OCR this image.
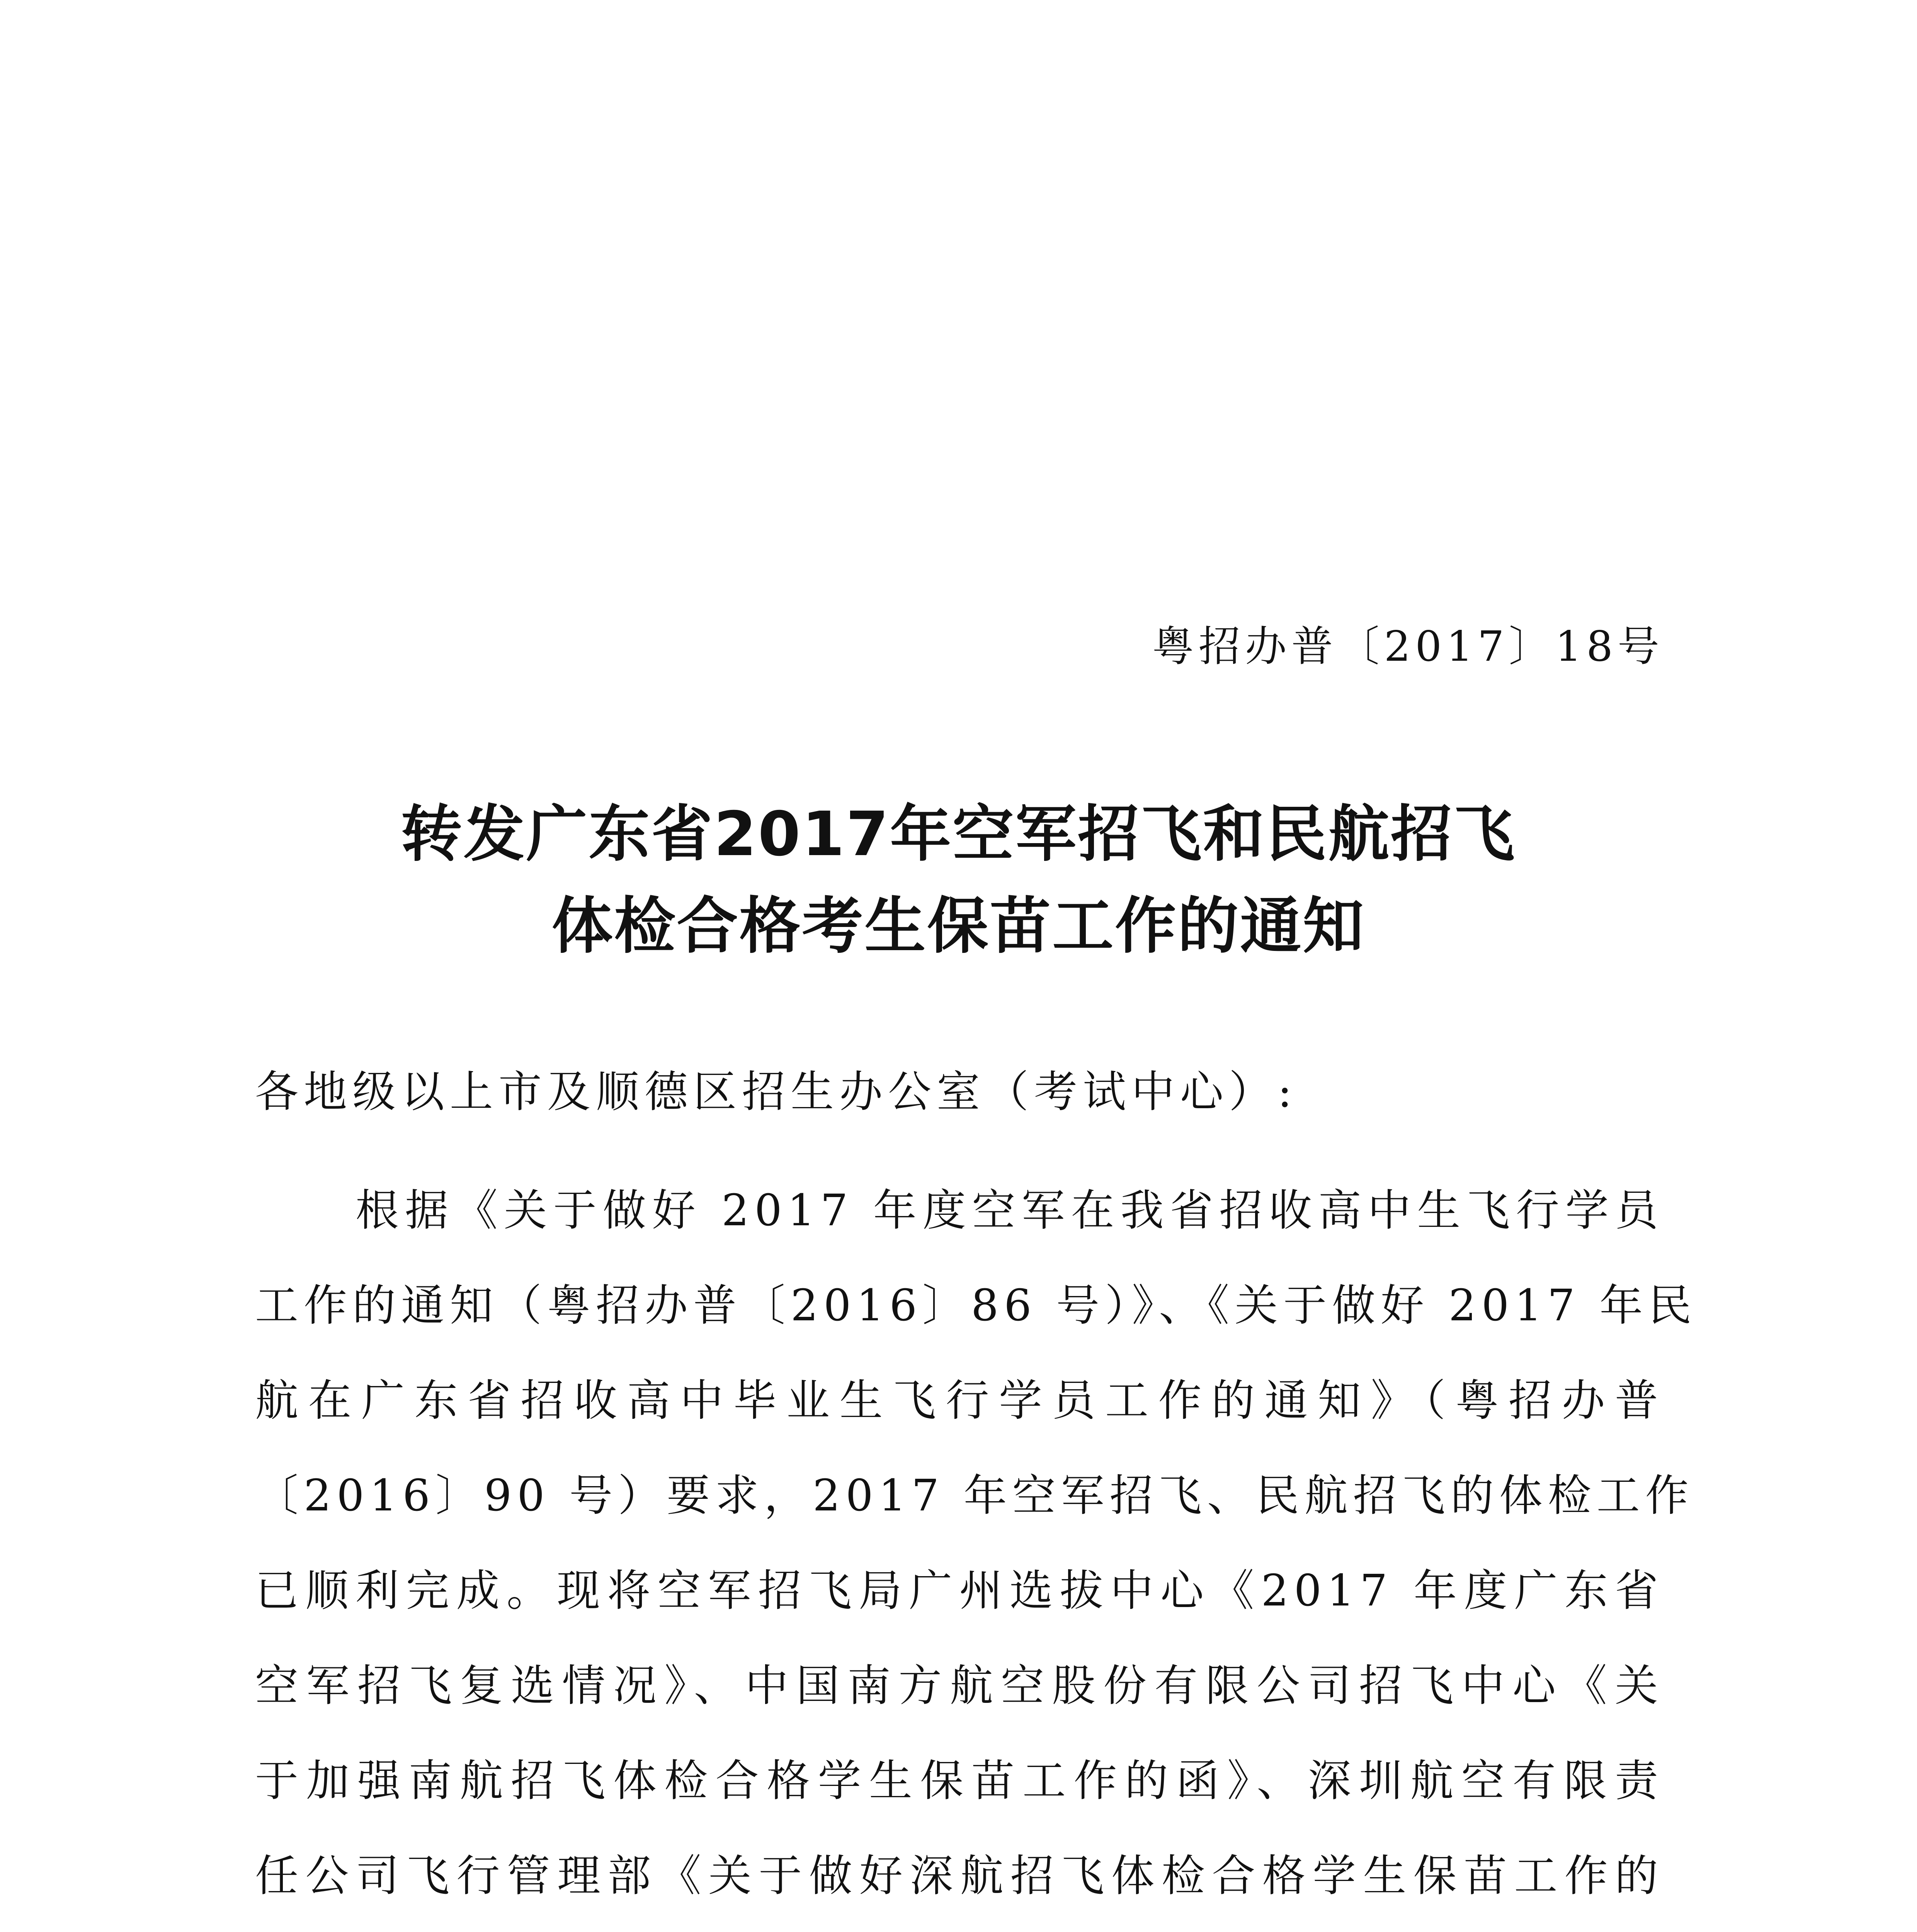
粤招办普〔2017〕18号
转发广东省2017年空军招飞和民航招飞
体检合格考生保苗工作的通知
各地级以上市及顺德区招生办公室（考试中心）:
根据《关于做好 2017 年度空军在我省招收高中生飞行学员
工作的通知（粤招办普〔2016〕86 号）》、《关于做好 2017 年民
航在广东省招收高中毕业生飞行学员工作的通知》（粤招办普
〔2016〕90 号）要求，2017 年空军招飞、民航招飞的体检工作
已顺利完成。现将空军招飞局广州选拔中心《2017 年度广东省
空军招飞复选情况》、中国南方航空股份有限公司招飞中心《关
于加强南航招飞体检合格学生保苗工作的函》、深圳航空有限责
任公司飞行管理部《关于做好深航招飞体检合格学生保苗工作的
